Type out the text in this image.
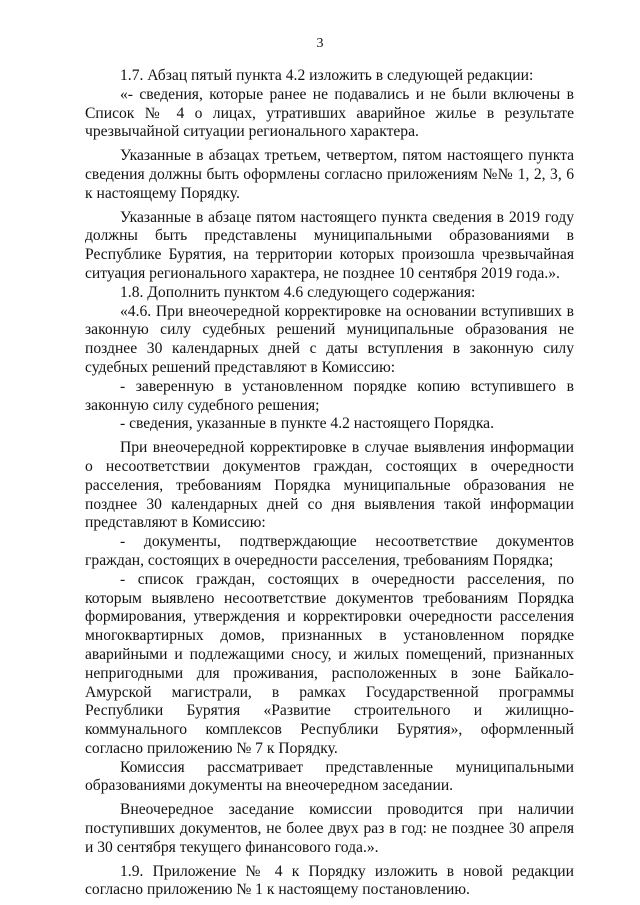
3

1.7. Абзац пятый пункта 4.2 изложить в следующей редакции:

«- сведения, которые ранее не подавались и не были включены в Список № 4 о лицах, утративших аварийное жилье в результате чрезвычайной ситуации регионального характера.

Указанные в абзацах третьем, четвертом, пятом настоящего пункта сведения должны быть оформлены согласно приложениям №№ 1, 2, 3, 6 к настоящему Порядку.

Указанные в абзаце пятом настоящего пункта сведения в 2019 году должны быть представлены муниципальными образованиями в Республике Бурятия, на территории которых произошла чрезвычайная ситуация регионального характера, не позднее 10 сентября 2019 года.».

1.8. Дополнить пунктом 4.6 следующего содержания:

«4.6. При внеочередной корректировке на основании вступивших в законную силу судебных решений муниципальные образования не позднее 30 календарных дней с даты вступления в законную силу судебных решений представляют в Комиссию:

- заверенную в установленном порядке копию вступившего в законную силу судебного решения;

- сведения, указанные в пункте 4.2 настоящего Порядка.

При внеочередной корректировке в случае выявления информации о несоответствии документов граждан, состоящих в очередности расселения, требованиям Порядка муниципальные образования не позднее 30 календарных дней со дня выявления такой информации представляют в Комиссию:

- документы, подтверждающие несоответствие документов граждан, состоящих в очередности расселения, требованиям Порядка;

- список граждан, состоящих в очередности расселения, по которым выявлено несоответствие документов требованиям Порядка формирования, утверждения и корректировки очередности расселения многоквартирных домов, признанных в установленном порядке аварийными и подлежащими сносу, и жилых помещений, признанных непригодными для проживания, расположенных в зоне Байкало-Амурской магистрали, в рамках Государственной программы Республики Бурятия «Развитие строительного и жилищно-коммунального комплексов Республики Бурятия», оформленный согласно приложению № 7 к Порядку.

Комиссия рассматривает представленные муниципальными образованиями документы на внеочередном заседании.

Внеочередное заседание комиссии проводится при наличии поступивших документов, не более двух раз в год: не позднее 30 апреля и 30 сентября текущего финансового года.».

1.9. Приложение № 4 к Порядку изложить в новой редакции согласно приложению № 1 к настоящему постановлению.
